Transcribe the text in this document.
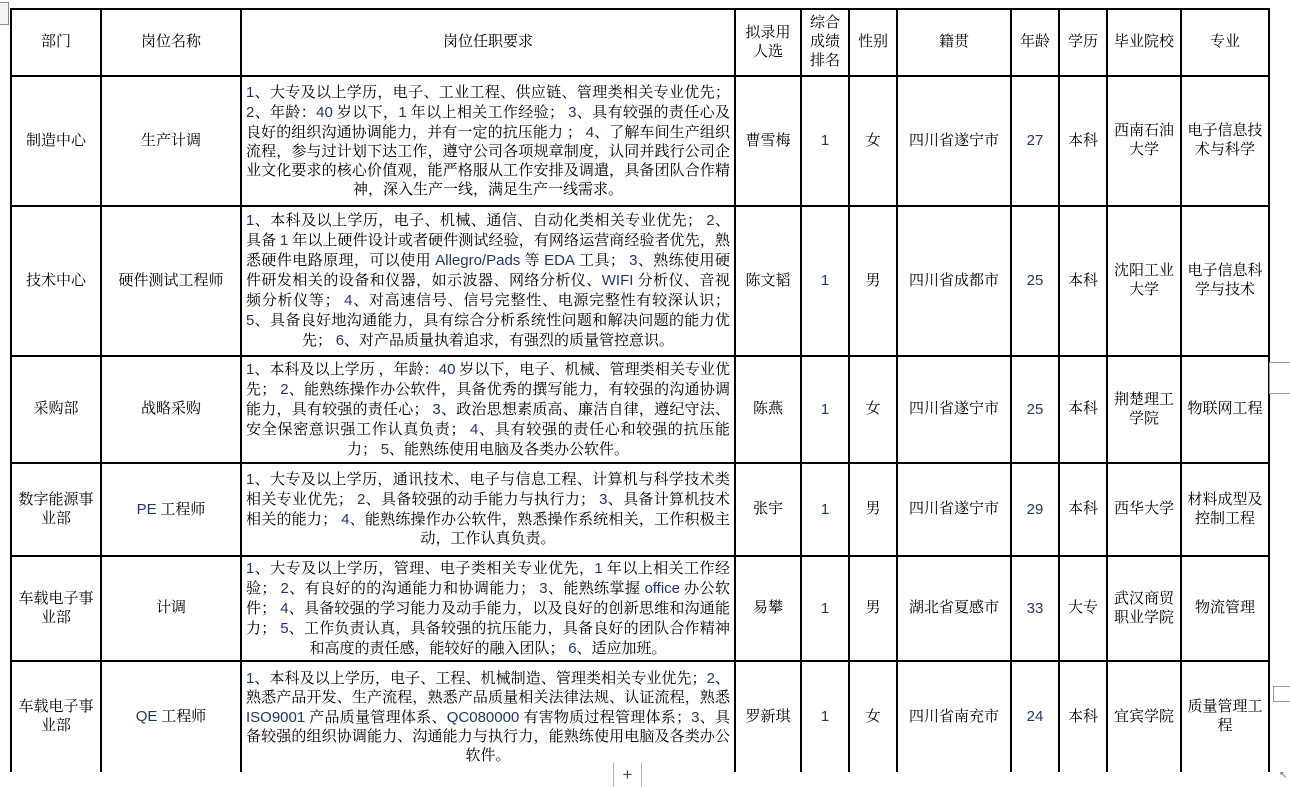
部门	岗位名称	岗位任职要求	拟录用人选	综合成绩排名	性别	籍贯	年龄	学历	毕业院校	专业
制造中心	生产计调	1、大专及以上学历，电子、工业工程、供应链、管理类相关专业优先；2、年龄：40 岁以下，1 年以上相关工作经验； 3、具有较强的责任心及良好的组织沟通协调能力，并有一定的抗压能力 ； 4、了解车间生产组织流程，参与过计划下达工作，遵守公司各项规章制度，认同并践行公司企业文化要求的核心价值观，能严格服从工作安排及调遣，具备团队合作精神，深入生产一线，满足生产一线需求。	曹雪梅	1	女	四川省遂宁市	27	本科	西南石油大学	电子信息技术与科学
技术中心	硬件测试工程师	1、本科及以上学历，电子、机械、通信、自动化类相关专业优先； 2、具备 1 年以上硬件设计或者硬件测试经验，有网络运营商经验者优先，熟悉硬件电路原理，可以使用 Allegro/Pads 等 EDA 工具； 3、熟练使用硬件研发相关的设备和仪器，如示波器、网络分析仪、WIFI 分析仪、音视频分析仪等； 4、对高速信号、信号完整性、电源完整性有较深认识； 5、具备良好地沟通能力，具有综合分析系统性问题和解决问题的能力优先； 6、对产品质量执着追求，有强烈的质量管控意识。	陈文韬	1	男	四川省成都市	25	本科	沈阳工业大学	电子信息科学与技术
采购部	战略采购	1、本科及以上学历 ，年龄：40 岁以下，电子、机械、管理类相关专业优先； 2、能熟练操作办公软件，具备优秀的撰写能力，有较强的沟通协调能力，具有较强的责任心； 3、政治思想素质高、廉洁自律，遵纪守法、安全保密意识强工作认真负责； 4、具有较强的责任心和较强的抗压能力； 5、能熟练使用电脑及各类办公软件。	陈燕	1	女	四川省遂宁市	25	本科	荆楚理工学院	物联网工程
数字能源事业部	PE 工程师	1、大专及以上学历，通讯技术、电子与信息工程、计算机与科学技术类相关专业优先； 2、具备较强的动手能力与执行力； 3、具备计算机技术相关的能力； 4、能熟练操作办公软件，熟悉操作系统相关，工作积极主动，工作认真负责。	张宇	1	男	四川省遂宁市	29	本科	西华大学	材料成型及控制工程
车载电子事业部	计调	1、大专及以上学历，管理、电子类相关专业优先，1 年以上相关工作经验； 2、有良好的的沟通能力和协调能力； 3、能熟练掌握 office 办公软件； 4、具备较强的学习能力及动手能力，以及良好的创新思维和沟通能力； 5、工作负责认真，具备较强的抗压能力，具备良好的团队合作精神和高度的责任感，能较好的融入团队； 6、适应加班。	易攀	1	男	湖北省夏感市	33	大专	武汉商贸职业学院	物流管理
车载电子事业部	QE 工程师	1、本科及以上学历，电子、工程、机械制造、管理类相关专业优先；2、熟悉产品开发、生产流程，熟悉产品质量相关法律法规、认证流程，熟悉 ISO9001 产品质量管理体系、QC080000 有害物质过程管理体系；3、具备较强的组织协调能力、沟通能力与执行力，能熟练使用电脑及各类办公软件。	罗新琪	1	女	四川省南充市	24	本科	宜宾学院	质量管理工程
+	↖
